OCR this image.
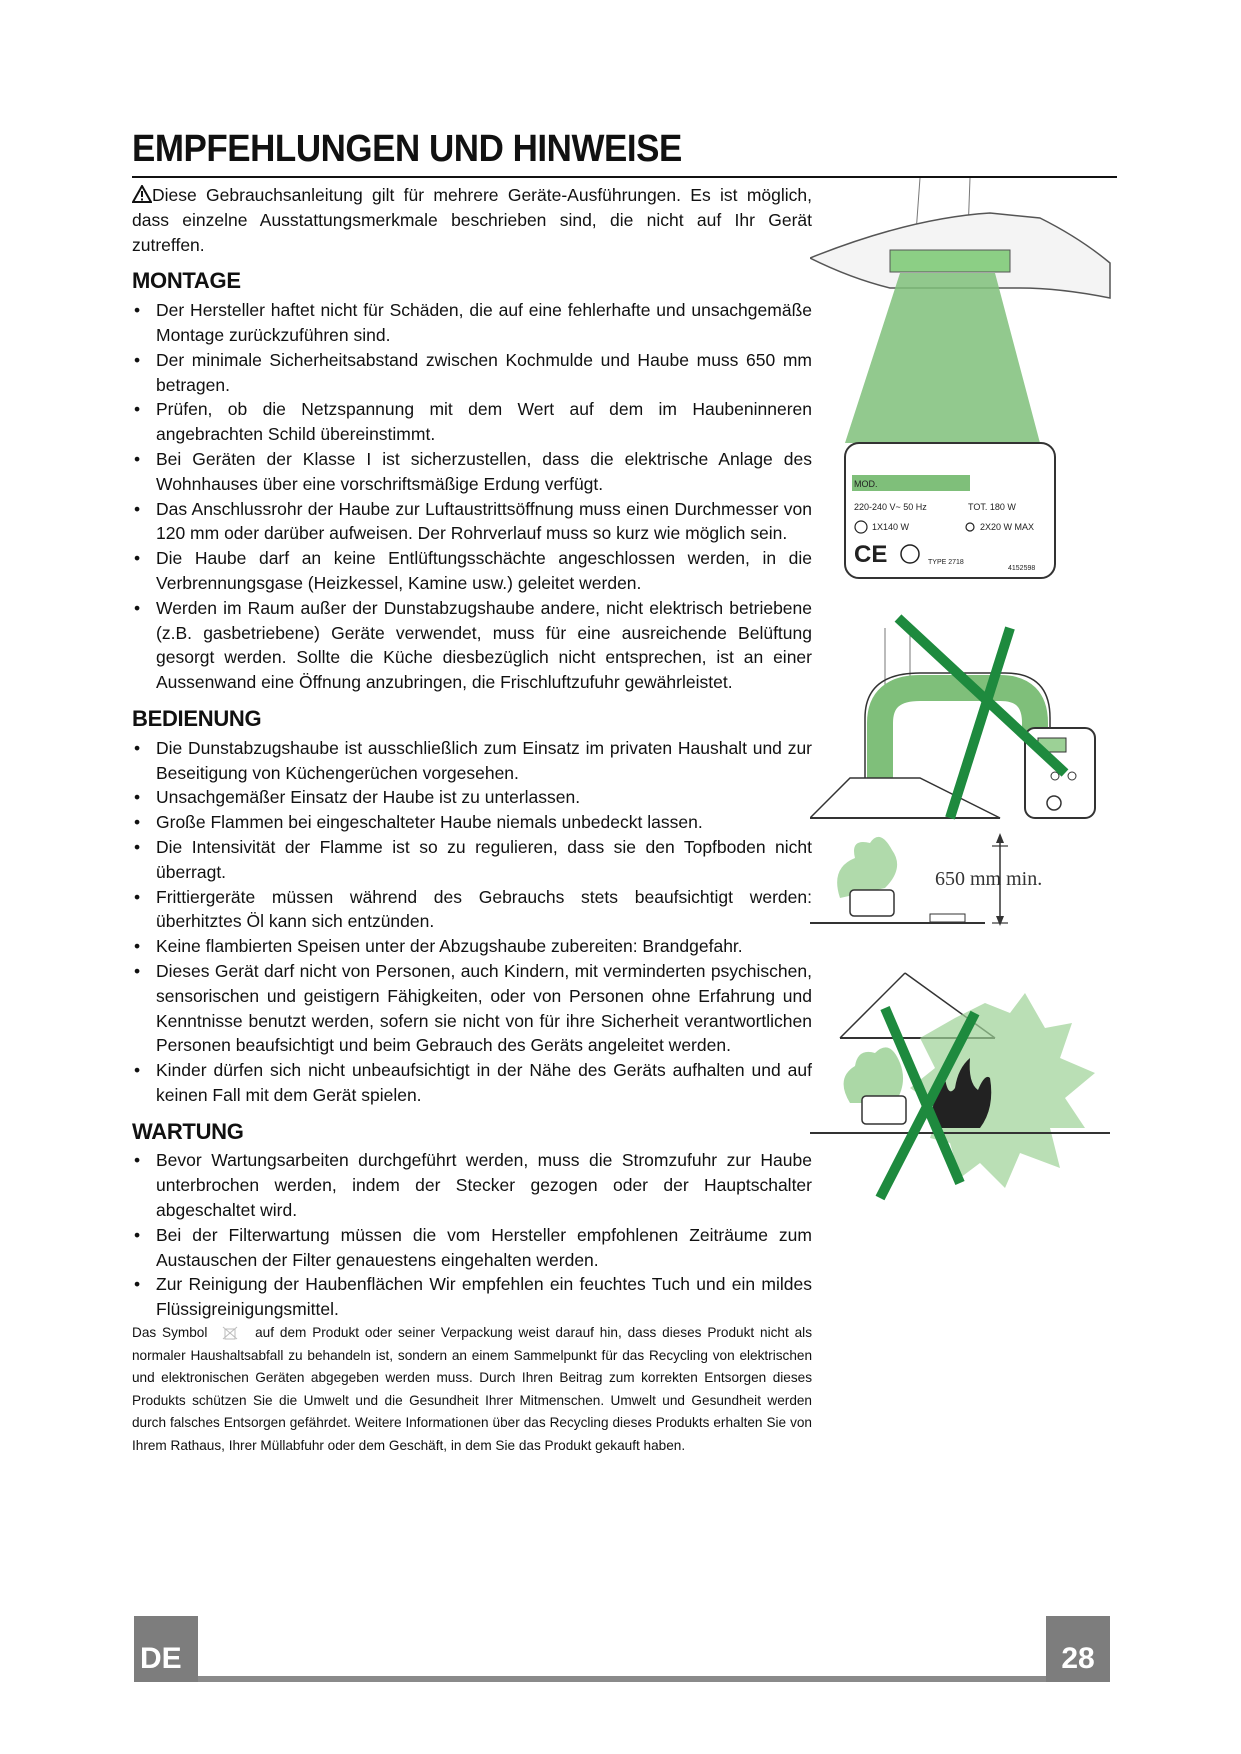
EMPFEHLUNGEN UND HINWEISE

Diese Gebrauchsanleitung gilt für mehrere Geräte-Ausführungen. Es ist möglich, dass einzelne Ausstattungsmerkmale beschrieben sind, die nicht auf Ihr Gerät zutreffen.

MONTAGE
• Der Hersteller haftet nicht für Schäden, die auf eine fehlerhafte und unsachgemäße Montage zurückzuführen sind.
• Der minimale Sicherheitsabstand zwischen Kochmulde und Haube muss 650 mm betragen.
• Prüfen, ob die Netzspannung mit dem Wert auf dem im Haubeninneren angebrachten Schild übereinstimmt.
• Bei Geräten der Klasse I ist sicherzustellen, dass die elektrische Anlage des Wohnhauses über eine vorschriftsmäßige Erdung verfügt.
• Das Anschlussrohr der Haube zur Luftaustrittsöffnung muss einen Durchmesser von 120 mm oder darüber aufweisen. Der Rohrverlauf muss so kurz wie möglich sein.
• Die Haube darf an keine Entlüftungsschächte angeschlossen werden, in die Verbrennungsgase (Heizkessel, Kamine usw.) geleitet werden.
• Werden im Raum außer der Dunstabzugshaube andere, nicht elektrisch betriebene (z.B. gasbetriebene) Geräte verwendet, muss für eine ausreichende Belüftung gesorgt werden. Sollte die Küche diesbezüglich nicht entsprechen, ist an einer Aussenwand eine Öffnung anzubringen, die Frischluftzufuhr gewährleistet.
BEDIENUNG
• Die Dunstabzugshaube ist ausschließlich zum Einsatz im privaten Haushalt und zur Beseitigung von Küchengerüchen vorgesehen.
• Unsachgemäßer Einsatz der Haube ist zu unterlassen.
• Große Flammen bei eingeschalteter Haube niemals unbedeckt lassen.
• Die Intensivität der Flamme ist so zu regulieren, dass sie den Topfboden nicht überragt.
• Frittiergeräte müssen während des Gebrauchs stets beaufsichtigt werden: überhitztes Öl kann sich entzünden.
• Keine flambierten Speisen unter der Abzugshaube zubereiten: Brandgefahr.
• Dieses Gerät darf nicht von Personen, auch Kindern, mit verminderten psychischen, sensorischen und geistigern Fähigkeiten, oder von Personen ohne Erfahrung und Kenntnisse benutzt werden, sofern sie nicht von für ihre Sicherheit verantwortlichen Personen beaufsichtigt und beim Gebrauch des Geräts angeleitet werden.
• Kinder dürfen sich nicht unbeaufsichtigt in der Nähe des Geräts aufhalten und auf keinen Fall mit dem Gerät spielen.
WARTUNG
• Bevor Wartungsarbeiten durchgeführt werden, muss die Stromzufuhr zur Haube unterbrochen werden, indem der Stecker gezogen oder der Hauptschalter abgeschaltet wird.
• Bei der Filterwartung müssen die vom Hersteller empfohlenen Zeiträume zum Austauschen der Filter genauestens eingehalten werden.
• Zur Reinigung der Haubenflächen Wir empfehlen ein feuchtes Tuch und ein mildes Flüssigreinigungsmittel.

Das Symbol	auf dem Produkt oder seiner Verpackung weist darauf hin, dass dieses Produkt nicht als normaler Haushaltsabfall zu behandeln ist, sondern an einem Sammelpunkt für das Recycling von elektrischen und elektronischen Geräten abgegeben werden muss. Durch Ihren Beitrag zum korrekten Entsorgen dieses Produkts schützen Sie die Umwelt und die Gesundheit Ihrer Mitmenschen. Umwelt und Gesundheit werden durch falsches Entsorgen gefährdet. Weitere Informationen über das Recycling dieses Produkts erhalten Sie von Ihrem Rathaus, Ihrer Müllabfuhr oder dem Geschäft, in dem Sie das Produkt gekauft haben.

MOD.
220-240 V~ 50 Hz	TOT. 180 W
1X140 W	2X20 W MAX
CE	TYPE 2718
4152598
650 mm min.
DE	28
